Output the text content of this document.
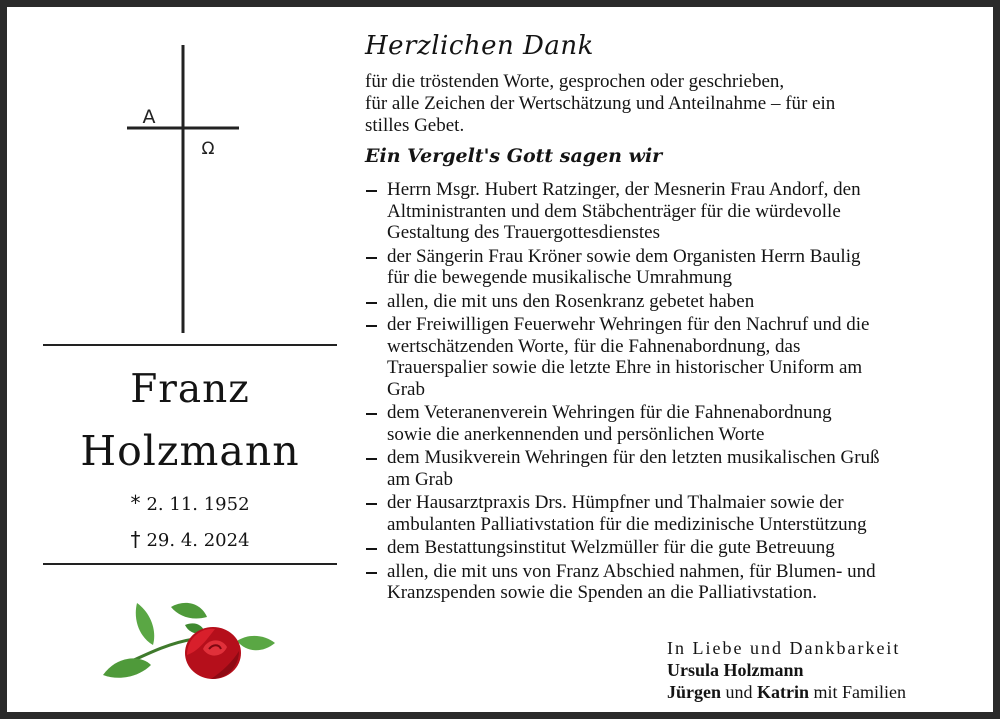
A
Ω
Franz
Holzmann
* 2. 11. 1952
† 29. 4. 2024
Herzlichen Dank
für die tröstenden Worte, gesprochen oder geschrieben,
für alle Zeichen der Wertschätzung und Anteilnahme – für ein
stilles Gebet.
Ein Vergelt's Gott sagen wir
Herrn Msgr. Hubert Ratzinger, der Mesnerin Frau Andorf, den
Altministranten und dem Stäbchenträger für die würdevolle
Gestaltung des Trauergottesdienstes
der Sängerin Frau Kröner sowie dem Organisten Herrn Baulig
für die bewegende musikalische Umrahmung
allen, die mit uns den Rosenkranz gebetet haben
der Freiwilligen Feuerwehr Wehringen für den Nachruf und die
wertschätzenden Worte, für die Fahnenabordnung, das
Trauerspalier sowie die letzte Ehre in historischer Uniform am
Grab
dem Veteranenverein Wehringen für die Fahnenabordnung
sowie die anerkennenden und persönlichen Worte
dem Musikverein Wehringen für den letzten musikalischen Gruß
am Grab
der Hausarztpraxis Drs. Hümpfner und Thalmaier sowie der
ambulanten Palliativstation für die medizinische Unterstützung
dem Bestattungsinstitut Welzmüller für die gute Betreuung
allen, die mit uns von Franz Abschied nahmen, für Blumen- und
Kranzspenden sowie die Spenden an die Palliativstation.
In Liebe und Dankbarkeit
Ursula Holzmann
Jürgen und Katrin mit Familien
